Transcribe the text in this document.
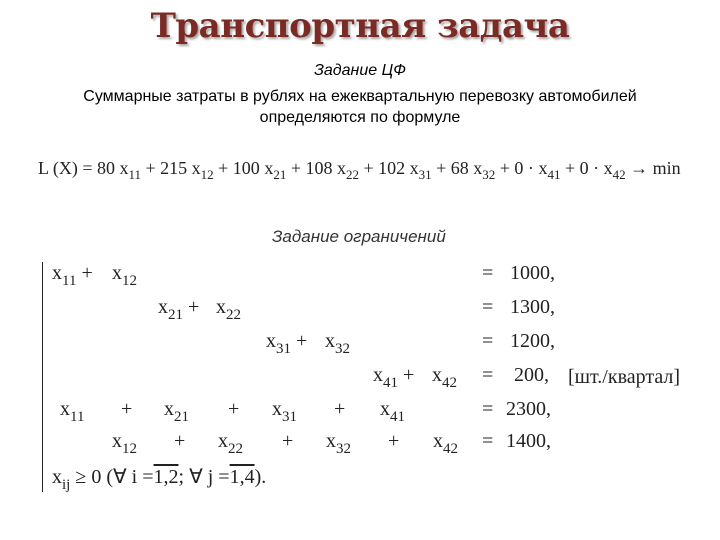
Транспортная задача
Задание ЦФ
Суммарные затраты в рублях на ежеквартальную перевозку автомобилей определяются по формуле
L (X) = 80 $x_{11} + 215$ $x_{12} + 100$ $x_{21} + 108$ $x_{22} + 102$ $x_{31} + 68$ $x_{32} + 0 \cdot x_{41} + 0 \cdot x_{42} \to \min$
Задание ограничений
$x_{11} + x_{12}$	= 1000,
$x_{21} + x_{22}$	= 1300,
$x_{31} + x_{32}$	= 1200,
$x_{41} + x_{42} = 200$, [шт./квартал]
$x_{11} + x_{21} + x_{31} + x_{41}$	= 2300,
$x_{12} + x_{22} + x_{32} + x_{42} = 1400$,
$x_{ij} \ge 0$ (∀ i =1,2; ∀ j =1,4).
